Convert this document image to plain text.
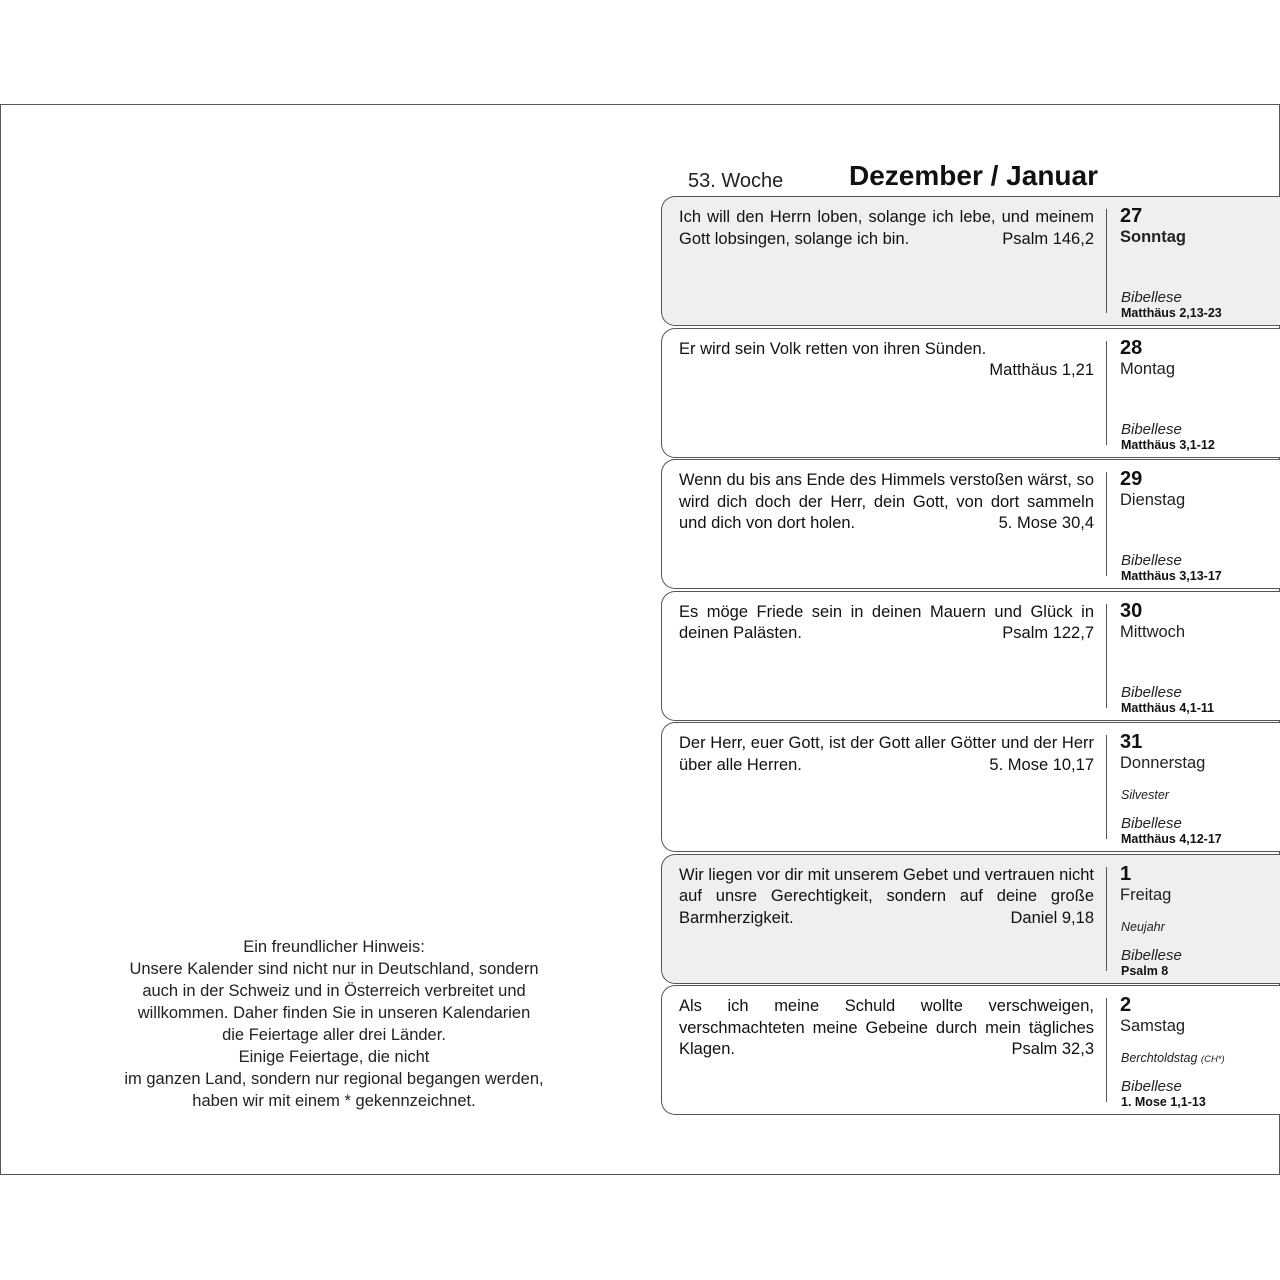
Ein freundlicher Hinweis:
Unsere Kalender sind nicht nur in Deutschland, sondern
auch in der Schweiz und in Österreich verbreitet und
willkommen. Daher finden Sie in unseren Kalendarien
die Feiertage aller drei Länder.
Einige Feiertage, die nicht
im ganzen Land, sondern nur regional begangen werden,
haben wir mit einem * gekennzeichnet.
53. Woche Dezember / Januar
Ich will den Herrn loben, solange ich lebe, und meinem Gott lobsingen, solange ich bin.	Psalm 146,2
27
Sonntag
Bibellese
Matthäus 2,13-23
Er wird sein Volk retten von ihren Sünden.
Matthäus 1,21
28
Montag
Bibellese
Matthäus 3,1-12
Wenn du bis ans Ende des Himmels verstoßen wärst, so wird dich doch der Herr, dein Gott, von dort sammeln und dich von dort holen.	5. Mose 30,4
29
Dienstag
Bibellese
Matthäus 3,13-17
Es möge Friede sein in deinen Mauern und Glück in deinen Palästen.	Psalm 122,7
30
Mittwoch
Bibellese
Matthäus 4,1-11
Der Herr, euer Gott, ist der Gott aller Götter und der Herr über alle Herren.	5. Mose 10,17
31
Donnerstag
Silvester
Bibellese
Matthäus 4,12-17
Wir liegen vor dir mit unserem Gebet und vertrauen nicht auf unsre Gerechtigkeit, sondern auf deine große Barmherzigkeit.	Daniel 9,18
1
Freitag
Neujahr
Bibellese
Psalm 8
Als ich meine Schuld wollte verschweigen, verschmachteten meine Gebeine durch mein tägliches Klagen.	Psalm 32,3
2
Samstag
Berchtoldstag (CH*)
Bibellese
1. Mose 1,1-13
